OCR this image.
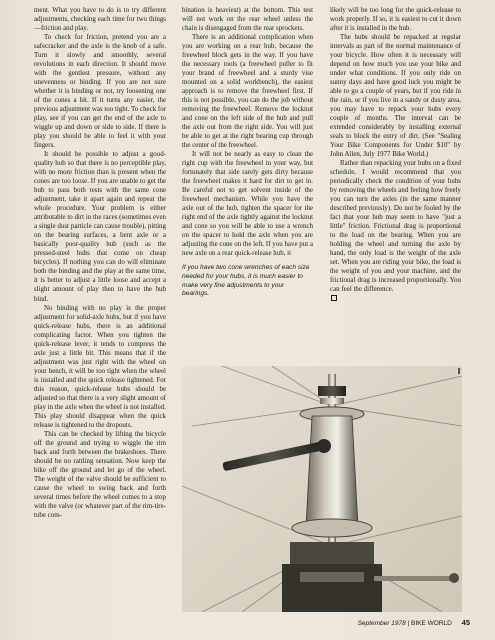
ment. What you have to do is to try different adjustments, checking each time for two things—friction and play.

To check for friction, pretend you are a safecracker and the axle is the knob of a safe. Turn it slowly and smoothly, several revolutions in each direction. It should move with the gentlest pressure, without any unevenness or binding. If you are not sure whether it is binding or not, try loosening one of the cones a bit. If it turns any easier, the previous adjustment was too tight. To check for play, see if you can get the end of the axle to wiggle up and down or side to side. If there is play you should be able to feel it with your fingers.

It should be possible to adjust a good-quality hub so that there is no perceptible play, with no more friction than is present when the cones are too loose. If you are unable to get the hub to pass both tests with the same cone adjustment, take it apart again and repeat the whole procedure. Your problem is either attributable to dirt in the races (sometimes even a single dust particle can cause trouble), pitting on the bearing surfaces, a bent axle or a basically poor-quality hub (such as the pressed-steel hubs that come on cheap bicycles). If nothing you can do will eliminate both the binding and the play at the same time, it is better to adjust a little loose and accept a slight amount of play then to have the hub bind.

No binding with no play is the proper adjustment for solid-axle hubs, but if you have quick-release hubs, there is an additional complicating factor. When you tighten the quick-release lever, it tends to compress the axle just a little bit. This means that if the adjustment was just right with the wheel on your bench, it will be too tight when the wheel is installed and the quick release tightened. For this reason, quick-release hubs should be adjusted so that there is a very slight amount of play in the axle when the wheel is not installed. This play should disappear when the quick release is tightened to the dropouts.

This can be checked by lifting the bicycle off the ground and trying to wiggle the rim back and forth between the brakeshoes. There should be no rattling sensation. Now keep the bike off the ground and let go of the wheel. The weight of the valve should be sufficient to cause the wheel to swing back and forth several times before the wheel comes to a stop with the valve (or whatever part of the rim-tire-tube com-

bination is heaviest) at the bottom. This test will not work on the rear wheel unless the chain is disengaged from the rear sprockets.

There is an additional complication when you are working on a rear hub, because the freewheel block gets in the way. If you have the necessary tools (a freewheel puller to fit your brand of freewheel and a sturdy vise mounted on a solid workbench), the easiest approach is to remove the freewheel first. If this is not possible, you can do the job without removing the freewheel. Remove the locknut and cone on the left side of the hub and pull the axle out from the right side. You will just be able to get at the right bearing cup through the center of the freewheel.

It will not be nearly as easy to clean the right cup with the freewheel in your way, but fortunately that side rarely gets dirty because the freewheel makes it hard for dirt to get in. Be careful not to get solvent inside of the freewheel mechanism. While you have the axle out of the hub, tighten the spacer for the right end of the axle tightly against the locknut and cone so you will be able to use a wrench on the spacer to hold the axle when you are adjusting the cone on the left. If you have put a new axle on a rear quick-release hub, it

If you have two cone wrenches of each size needed for your hubs, it is much easier to make very fine adjustments to your bearings.

likely will be too long for the quick-release to work properly. If so, it is easiest to cut it down after it is installed in the hub.

The hubs should be repacked at regular intervals as part of the normal maintenance of your bicycle. How often it is necessary will depend on how much you use your bike and under what conditions. If you only ride on sunny days and have good luck you might be able to go a couple of years, but if you ride in the rain, or if you live in a sandy or dusty area, you may have to repack your hubs every couple of months. The interval can be extended considerably by installing external seals to block the entry of dirt. (See "Sealing Your Bike Components for Under $10" by John Allen, July 1977 Bike World.)

Rather than repacking your hubs on a fixed schedule, I would recommend that you periodically check the condition of your hubs by removing the wheels and feeling how freely you can turn the axles (in the same manner described previously). Do not be fooled by the fact that your hub may seem to have "just a little" friction. Frictional drag is proportional to the load on the bearing. When you are holding the wheel and turning the axle by hand, the only load is the weight of the axle set. When you are riding your bike, the load is the weight of you and your machine, and the frictional drag is increased proportionally. You can feel the difference.

September 1978 | BIKE WORLD 45
